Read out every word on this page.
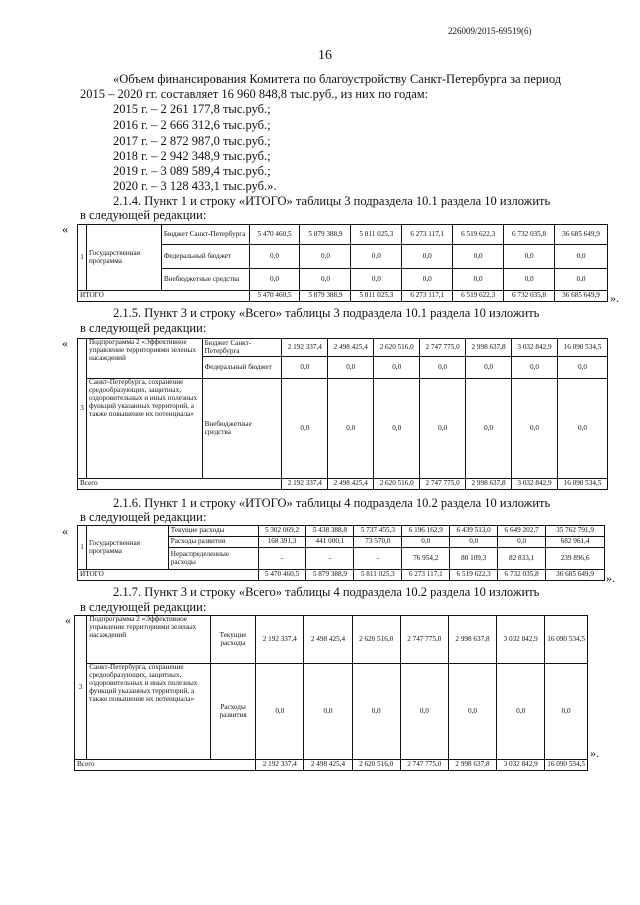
226009/2015-69519(6)
16
«Объем финансирования Комитета по благоустройству Санкт-Петербурга за период
2015 – 2020 гг. составляет 16 960 848,8 тыс.руб., из них по годам:
2015 г. – 2 261 177,8 тыс.руб.;
2016 г. – 2 666 312,6 тыс.руб.;
2017 г. – 2 872 987,0 тыс.руб.;
2018 г. – 2 942 348,9 тыс.руб.;
2019 г. – 3 089 589,4 тыс.руб.;
2020 г. – 3 128 433,1 тыс.руб.».
2.1.4. Пункт 1 и строку «ИТОГО» таблицы 3 подраздела 10.1 раздела 10 изложить
в следующей редакции:
«
1	Государственная программа	Бюджет Санкт-Петербурга	5 470 460,5	5 879 388,9	5 811 025,3	6 273 117,1	6 519 622,3	6 732 035,8	36 685 649,9
		Федеральный бюджет	0,0	0,0	0,0	0,0	0,0	0,0	0,0
		Внебюджетные средства	0,0	0,0	0,0	0,0	0,0	0,0	0,0
ИТОГО			5 470 460,5	5 879 388,9	5 811 025,3	6 273 117,1	6 519 622,3	6 732 035,8	36 685 649,9 ».
2.1.5. Пункт 3 и строку «Всего» таблицы 3 подраздела 10.1 раздела 10 изложить
в следующей редакции:
«
3	Подпрограмма 2 «Эффективное управление территориями зеленых насаждений	Бюджет Санкт-Петербурга	2 192 337,4	2 498 425,4	2 620 516,0	2 747 775,0	2 998 637,8	3 032 842,9	16 090 534,5
		Федеральный бюджет	0,0	0,0	0,0	0,0	0,0	0,0	0,0
	Санкт-Петербурга, сохранение средообразующих, защитных, оздоровительных и иных полезных функций указанных территорий, а также повышение их потенциала»	Внебюджетные средства	0,0	0,0	0,0	0,0	0,0	0,0	0,0
Всего			2 192 337,4	2 498 425,4	2 620 516,0	2 747 775,0	2 998 637,8	3 032 842,9	16 090 534,5
2.1.6. Пункт 1 и строку «ИТОГО» таблицы 4 подраздела 10.2 раздела 10 изложить
в следующей редакции:
«
1	Государственная программа	Текущие расходы	5 302 069,2	5 438 388,8	5 737 455,3	6 196 162,9	6 439 513,0	6 649 202,7	35 762 791,9
		Расходы развития	168 391,3	441 000,1	73 570,0	0,0	0,0	0,0	682 961,4
		Нераспределенные расходы	-	-	-	76 954,2	80 109,3	82 833,1	239 896,6
ИТОГО			5 470 460,5	5 879 388,9	5 811 025,3	6 273 117,1	6 519 622,3	6 732 035,8	36 685 649,9 ».
2.1.7. Пункт 3 и строку «Всего» таблицы 4 подраздела 10.2 раздела 10 изложить
в следующей редакции:
«
3	Подпрограмма 2 «Эффективное управление территориями зеленых насаждений	Текущие расходы	2 192 337,4	2 498 425,4	2 620 516,0	2 747 775,0	2 998 637,8	3 032 842,9	16 090 534,5
	Санкт-Петербурга, сохранение средообразующих, защитных, оздоровительных и иных полезных функций указанных территорий, а также повышение их потенциала»	Расходы развития	0,0	0,0	0,0	0,0	0,0	0,0	0,0
Всего			2 192 337,4	2 498 425,4	2 620 516,0	2 747 775,0	2 998 637,8	3 032 842,9	16 090 534,5
».
